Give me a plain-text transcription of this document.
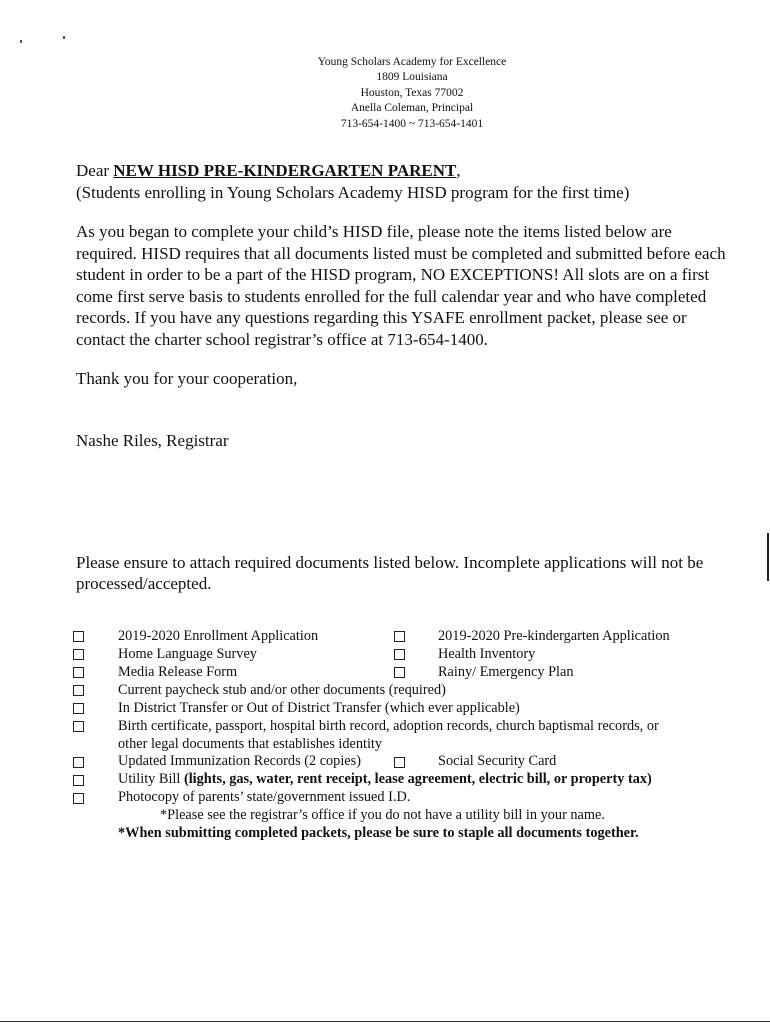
Young Scholars Academy for Excellence
1809 Louisiana
Houston, Texas 77002
Anella Coleman, Principal
713-654-1400 ~ 713-654-1401
Dear NEW HISD PRE-KINDERGARTEN PARENT,
(Students enrolling in Young Scholars Academy HISD program for the first time)
As you began to complete your child’s HISD file, please note the items listed below are required. HISD requires that all documents listed must be completed and submitted before each student in order to be a part of the HISD program, NO EXCEPTIONS! All slots are on a first come first serve basis to students enrolled for the full calendar year and who have completed records. If you have any questions regarding this YSAFE enrollment packet, please see or contact the charter school registrar’s office at 713-654-1400.
Thank you for your cooperation,
Nashe Riles, Registrar
Please ensure to attach required documents listed below. Incomplete applications will not be processed/accepted.
2019-2020 Enrollment Application	2019-2020 Pre-kindergarten Application
Home Language Survey	Health Inventory
Media Release Form	Rainy/ Emergency Plan
Current paycheck stub and/or other documents (required)
In District Transfer or Out of District Transfer (which ever applicable)
Birth certificate, passport, hospital birth record, adoption records, church baptismal records, or
other legal documents that establishes identity
Updated Immunization Records (2 copies)	Social Security Card
Utility Bill (lights, gas, water, rent receipt, lease agreement, electric bill, or property tax)
Photocopy of parents’ state/government issued I.D.
*Please see the registrar’s office if you do not have a utility bill in your name.
*When submitting completed packets, please be sure to staple all documents together.
